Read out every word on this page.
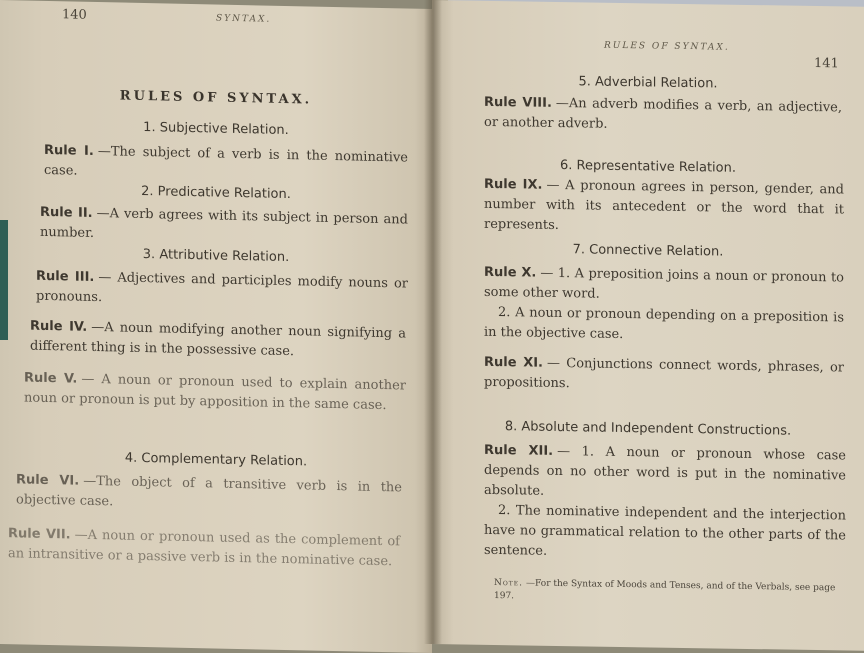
140	SYNTAX.
RULES OF SYNTAX.
1. Subjective Relation.
Rule I. —The subject of a verb is in the nominative case.
2. Predicative Relation.
Rule II. —A verb agrees with its subject in person and number.
3. Attributive Relation.
Rule III. — Adjectives and participles modify nouns or pronouns.
Rule IV. —A noun modifying another noun signifying a different thing is in the possessive case.
Rule V. — A noun or pronoun used to explain another noun or pronoun is put by apposition in the same case.
4. Complementary Relation.
Rule VI. —The object of a transitive verb is in the objective case.
Rule VII. —A noun or pronoun used as the complement of an intransitive or a passive verb is in the nominative case.
RULES OF SYNTAX.
141
5. Adverbial Relation.
Rule VIII. —An adverb modifies a verb, an adjective, or another adverb.
6. Representative Relation.
Rule IX. — A pronoun agrees in person, gender, and number with its antecedent or the word that it represents.
7. Connective Relation.
Rule X. — 1. A preposition joins a noun or pronoun to some other word.
2. A noun or pronoun depending on a preposition is in the objective case.
Rule XI. — Conjunctions connect words, phrases, or propositions.
8. Absolute and Independent Constructions.
Rule XII. — 1. A noun or pronoun whose case depends on no other word is put in the nominative absolute.
2. The nominative independent and the interjection have no grammatical relation to the other parts of the sentence.
Note. —For the Syntax of Moods and Tenses, and of the Verbals, see page 197.
